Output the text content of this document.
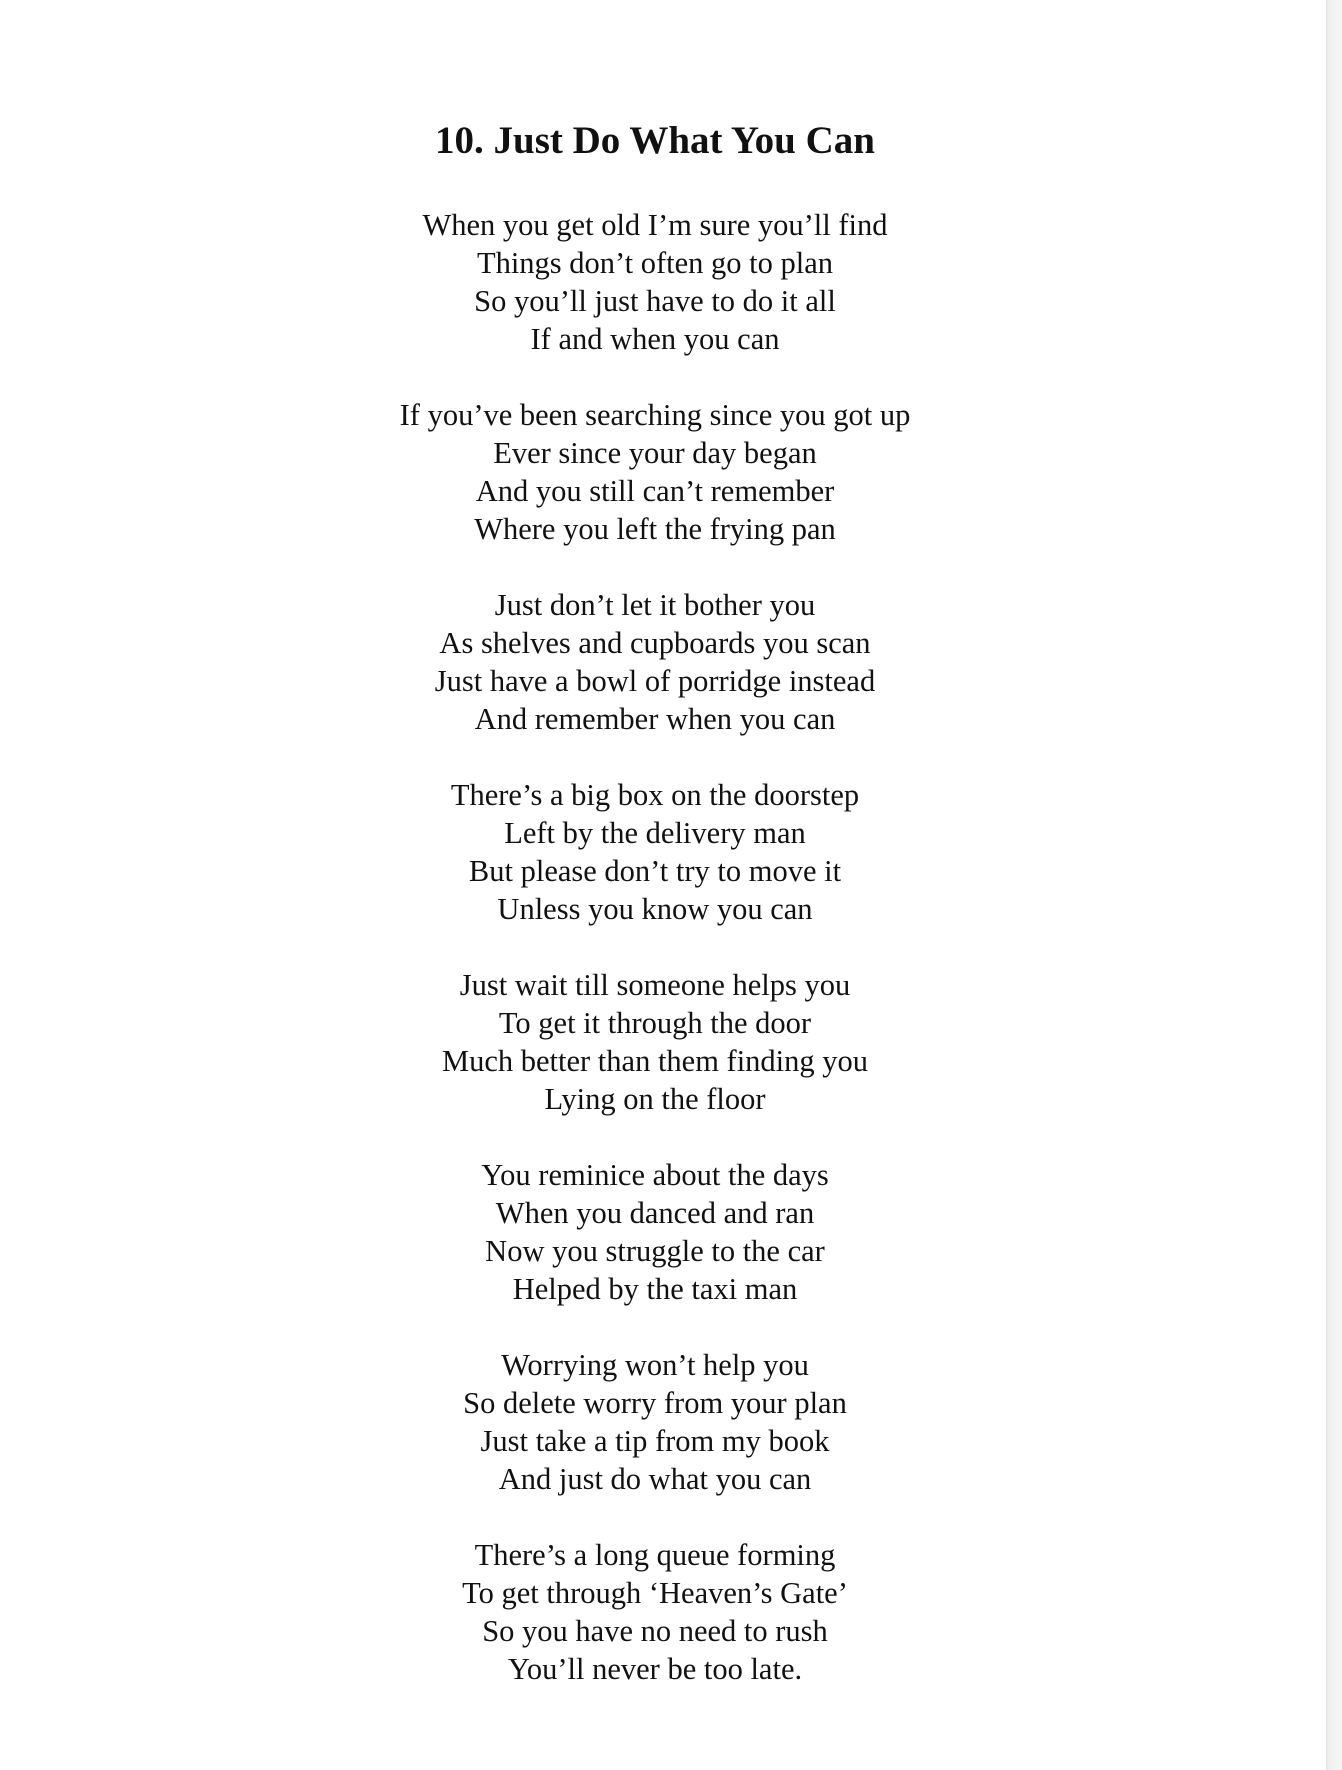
10. Just Do What You Can
When you get old I’m sure you’ll find
Things don’t often go to plan
So you’ll just have to do it all
If and when you can
If you’ve been searching since you got up
Ever since your day began
And you still can’t remember
Where you left the frying pan
Just don’t let it bother you
As shelves and cupboards you scan
Just have a bowl of porridge instead
And remember when you can
There’s a big box on the doorstep
Left by the delivery man
But please don’t try to move it
Unless you know you can
Just wait till someone helps you
To get it through the door
Much better than them finding you
Lying on the floor
You reminice about the days
When you danced and ran
Now you struggle to the car
Helped by the taxi man
Worrying won’t help you
So delete worry from your plan
Just take a tip from my book
And just do what you can
There’s a long queue forming
To get through ‘Heaven’s Gate’
So you have no need to rush
You’ll never be too late.
